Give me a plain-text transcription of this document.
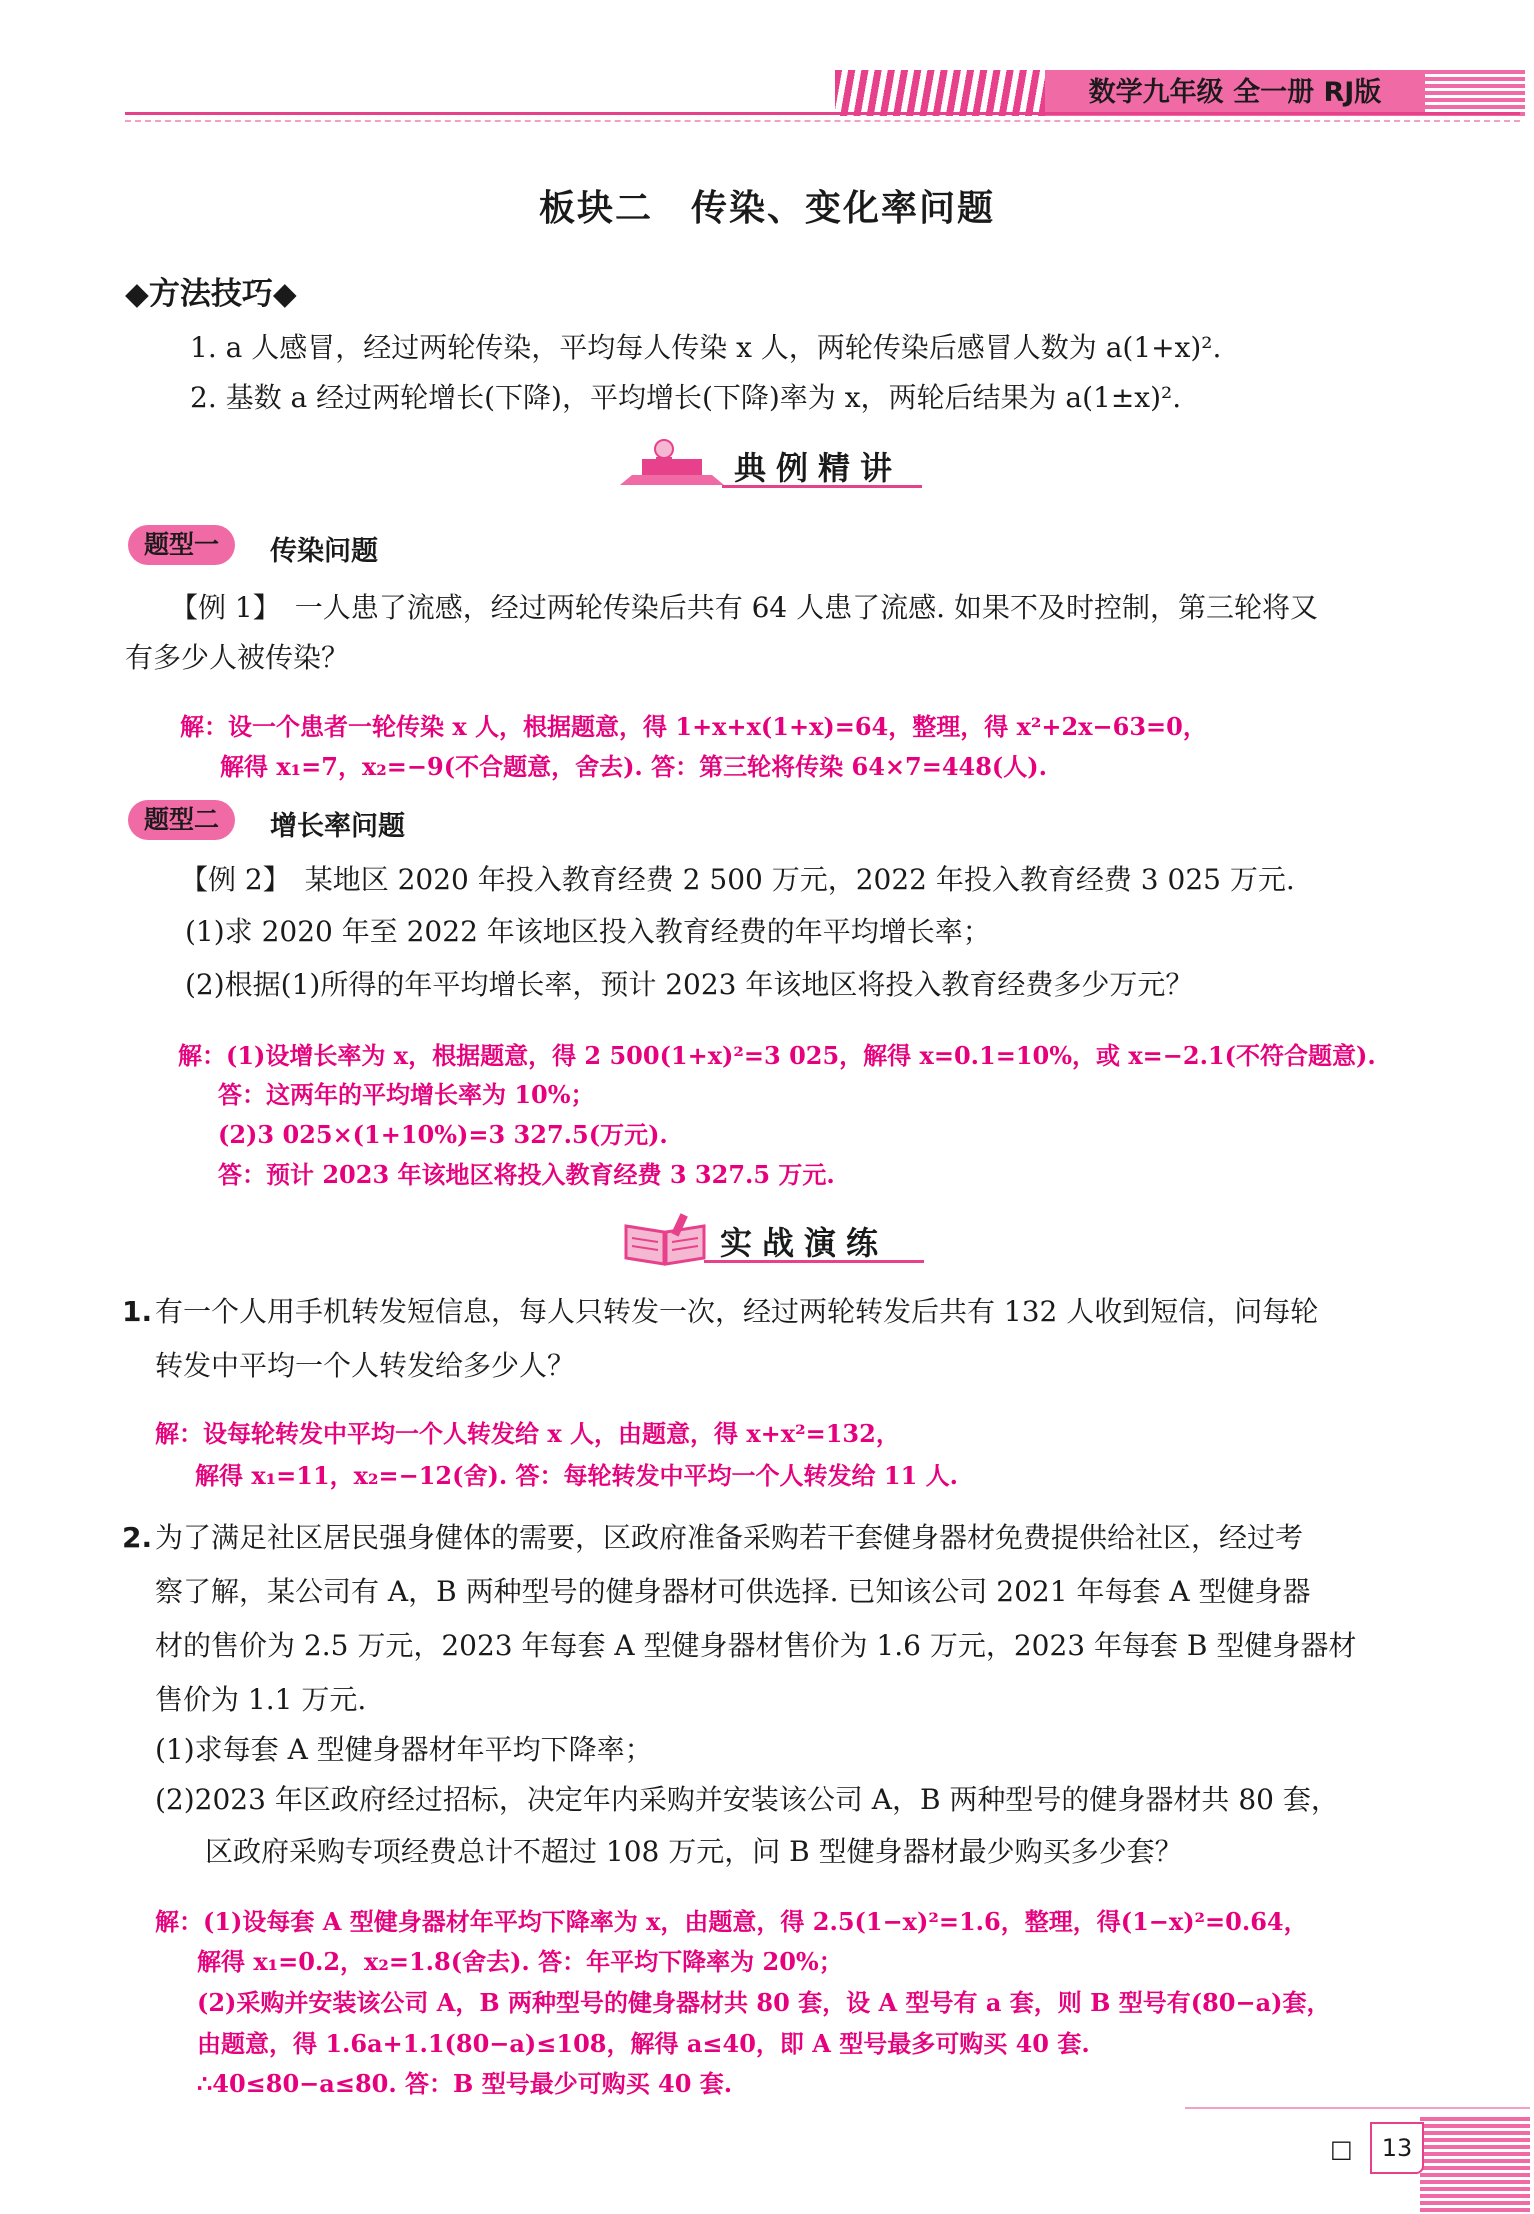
数学九年级 全一册 RJ版
板块二　传染、变化率问题
◆方法技巧◆
1. a 人感冒，经过两轮传染，平均每人传染 x 人，两轮传染后感冒人数为 a(1+x)².
2. 基数 a 经过两轮增长(下降)，平均增长(下降)率为 x，两轮后结果为 a(1±x)².
典例精讲
题型一	传染问题
【例 1】　一人患了流感，经过两轮传染后共有 64 人患了流感. 如果不及时控制，第三轮将又
有多少人被传染？
解：设一个患者一轮传染 x 人，根据题意，得 1+x+x(1+x)=64，整理，得 x²+2x−63=0，
解得 x₁=7，x₂=−9(不合题意，舍去). 答：第三轮将传染 64×7=448(人).
题型二	增长率问题
【例 2】　某地区 2020 年投入教育经费 2 500 万元，2022 年投入教育经费 3 025 万元.
(1)求 2020 年至 2022 年该地区投入教育经费的年平均增长率；
(2)根据(1)所得的年平均增长率，预计 2023 年该地区将投入教育经费多少万元？
解：(1)设增长率为 x，根据题意，得 2 500(1+x)²=3 025，解得 x=0.1=10%，或 x=−2.1(不符合题意).
答：这两年的平均增长率为 10%；
(2)3 025×(1+10%)=3 327.5(万元).
答：预计 2023 年该地区将投入教育经费 3 327.5 万元.
实战演练
1. 有一个人用手机转发短信息，每人只转发一次，经过两轮转发后共有 132 人收到短信，问每轮
转发中平均一个人转发给多少人？
解：设每轮转发中平均一个人转发给 x 人，由题意，得 x+x²=132，
解得 x₁=11，x₂=−12(舍). 答：每轮转发中平均一个人转发给 11 人.
2. 为了满足社区居民强身健体的需要，区政府准备采购若干套健身器材免费提供给社区，经过考
察了解，某公司有 A，B 两种型号的健身器材可供选择. 已知该公司 2021 年每套 A 型健身器
材的售价为 2.5 万元，2023 年每套 A 型健身器材售价为 1.6 万元，2023 年每套 B 型健身器材
售价为 1.1 万元.
(1)求每套 A 型健身器材年平均下降率；
(2)2023 年区政府经过招标，决定年内采购并安装该公司 A，B 两种型号的健身器材共 80 套，
区政府采购专项经费总计不超过 108 万元，问 B 型健身器材最少购买多少套？
解：(1)设每套 A 型健身器材年平均下降率为 x，由题意，得 2.5(1−x)²=1.6，整理，得(1−x)²=0.64，
解得 x₁=0.2，x₂=1.8(舍去). 答：年平均下降率为 20%；
(2)采购并安装该公司 A，B 两种型号的健身器材共 80 套，设 A 型号有 a 套，则 B 型号有(80−a)套，
由题意，得 1.6a+1.1(80−a)≤108，解得 a≤40，即 A 型号最多可购买 40 套.
∴40≤80−a≤80. 答：B 型号最少可购买 40 套.
□	13
